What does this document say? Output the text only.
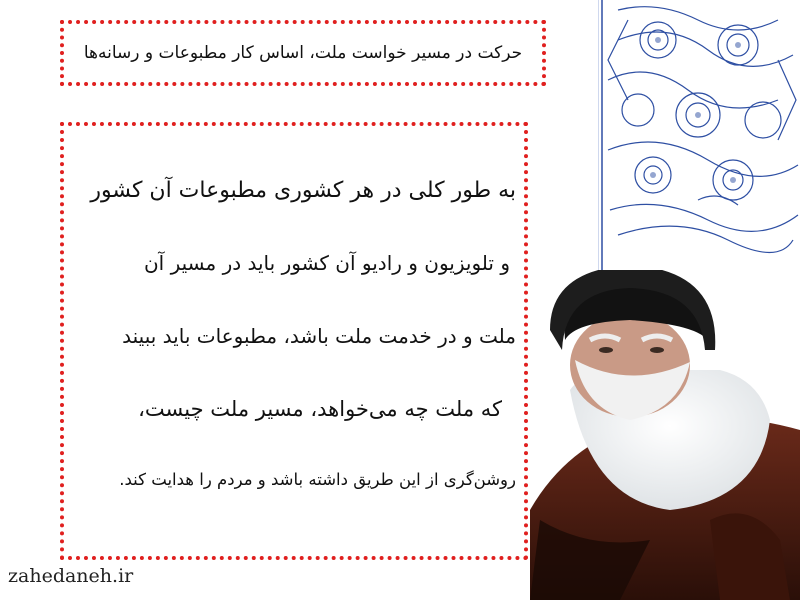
حرکت در مسیر خواست ملت، اساس کار مطبوعات و رسانه‌ها
به طور کلی در هر کشوری مطبوعات آن کشور
و تلویزیون و رادیو آن کشور باید در مسیر آن
ملت و در خدمت ملت باشد، مطبوعات باید ببیند
که ملت چه می‌خواهد، مسیر ملت چیست،
روشن‌گری از این طریق داشته باشد و مردم را هدایت کند.
zahedaneh.ir
